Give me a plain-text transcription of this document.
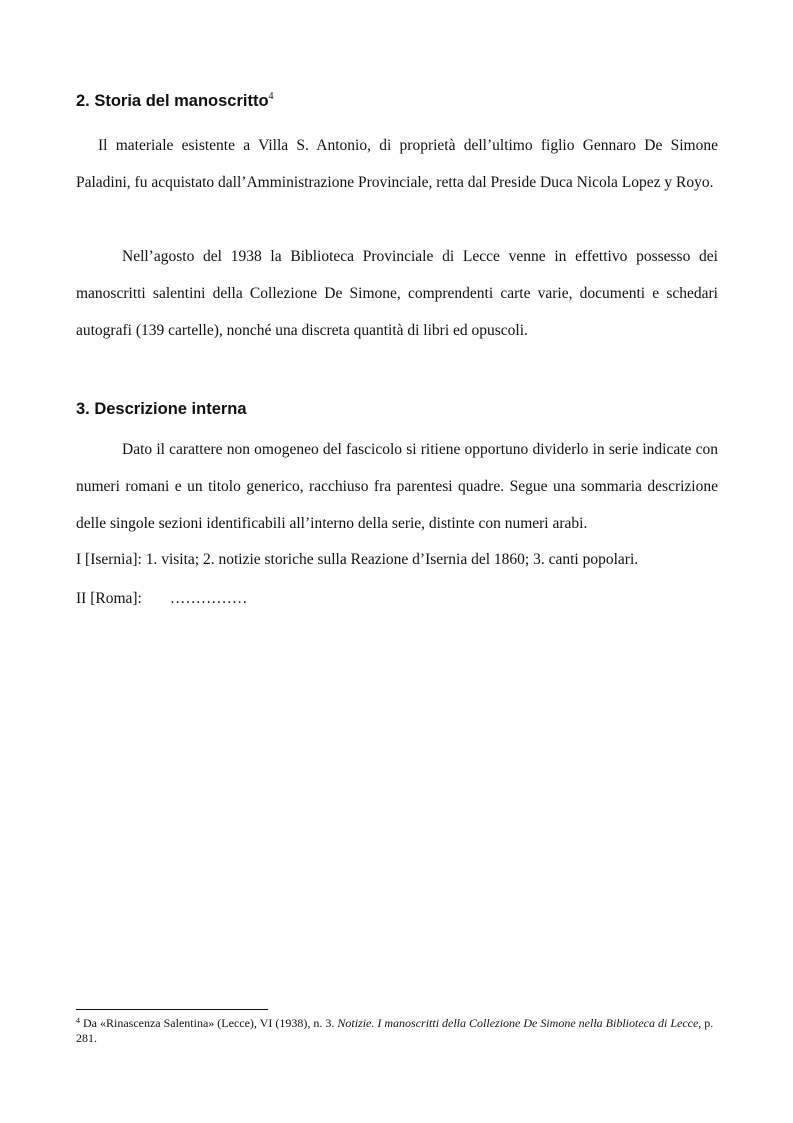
2. Storia del manoscritto$^4$

Il materiale esistente a Villa S. Antonio, di proprietà dell’ultimo figlio Gennaro De Simone Paladini, fu acquistato dall’Amministrazione Provinciale, retta dal Preside Duca Nicola Lopez y Royo.

Nell’agosto del 1938 la Biblioteca Provinciale di Lecce venne in effettivo possesso dei manoscritti salentini della Collezione De Simone, comprendenti carte varie, documenti e schedari autografi (139 cartelle), nonché una discreta quantità di libri ed opuscoli.

3. Descrizione interna

Dato il carattere non omogeneo del fascicolo si ritiene opportuno dividerlo in serie indicate con numeri romani e un titolo generico, racchiuso fra parentesi quadre. Segue una sommaria descrizione delle singole sezioni identificabili all’interno della serie, distinte con numeri arabi.

I [Isernia]: 1. visita; 2. notizie storiche sulla Reazione d’Isernia del 1860; 3. canti popolari.

II [Roma]: ……………

$^4$ Da «Rinascenza Salentina» (Lecce), VI (1938), n. 3. Notizie. I manoscritti della Collezione De Simone nella Biblioteca di Lecce, p. 281.
